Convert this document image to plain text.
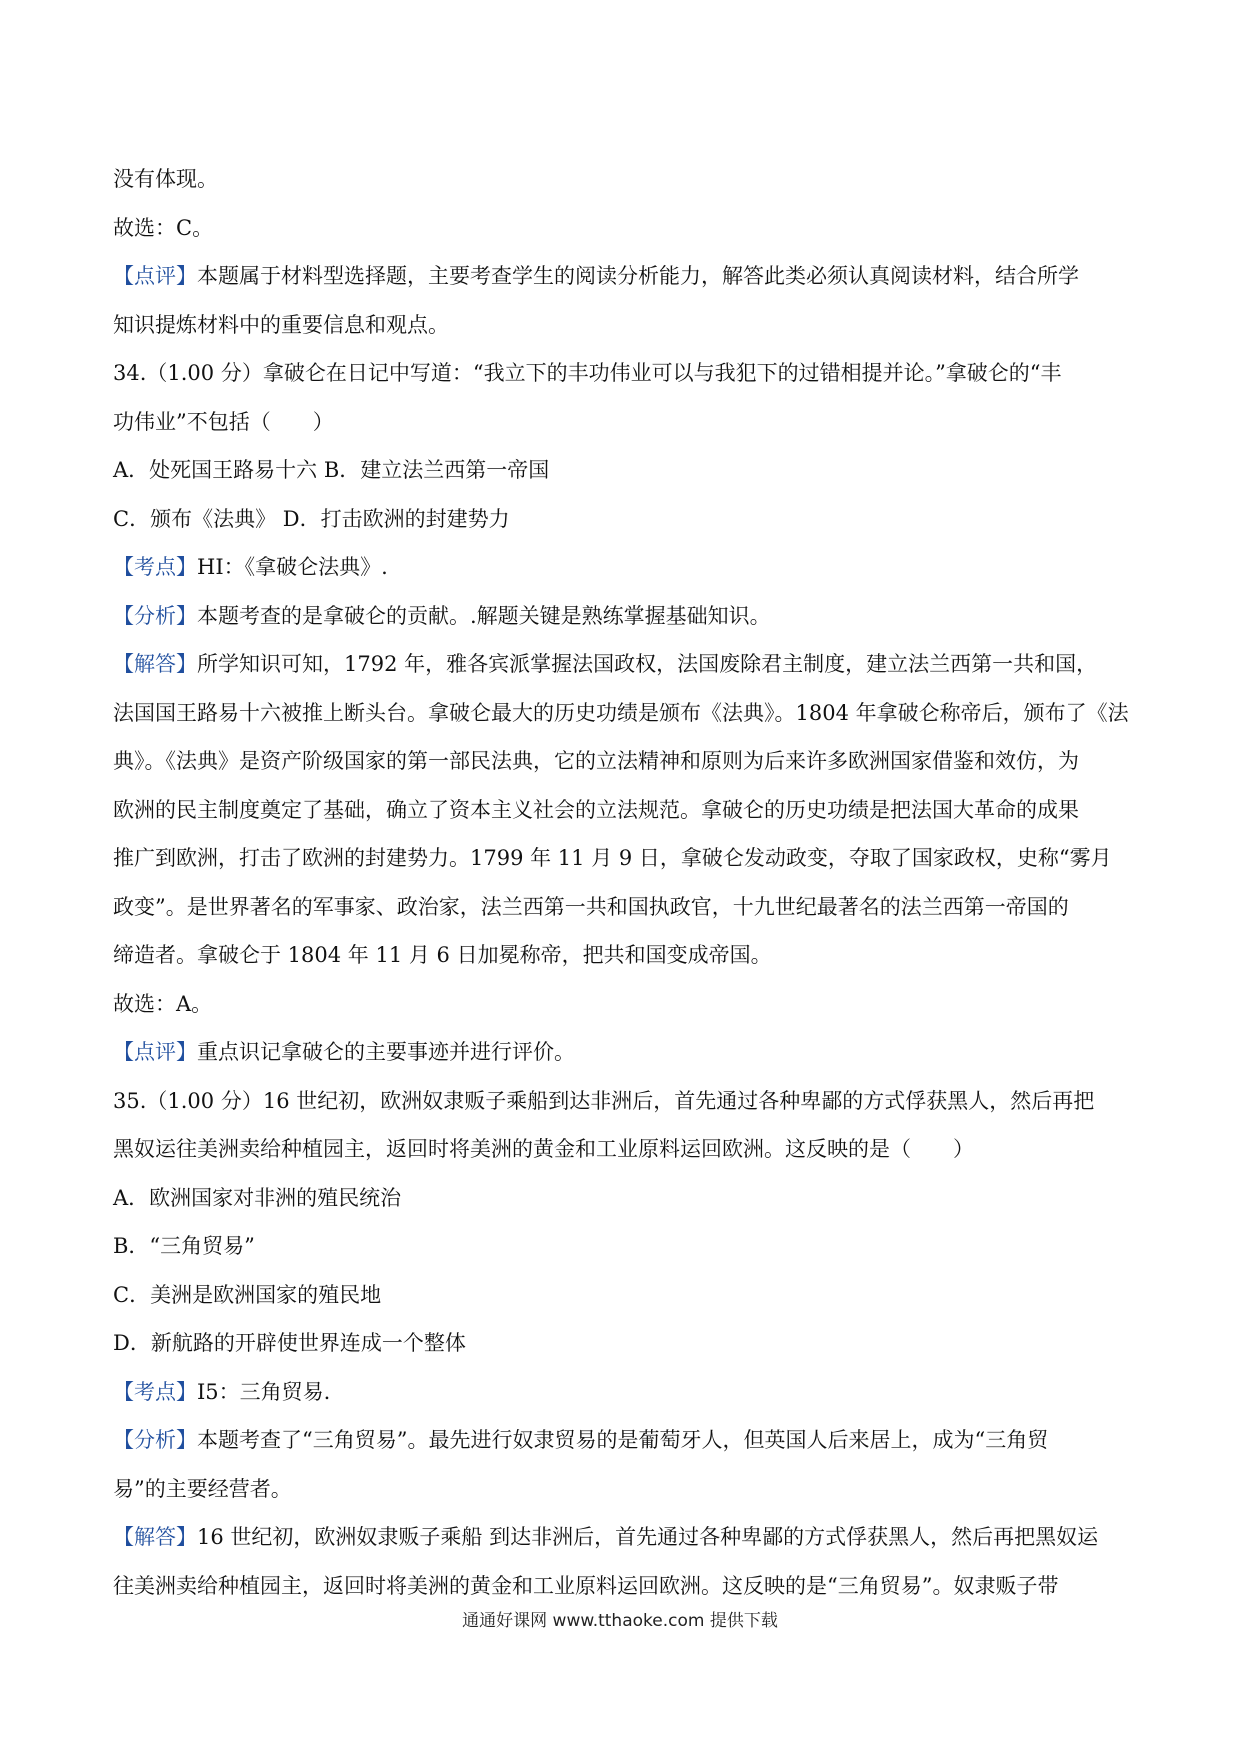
没有体现。

故选：C。

【点评】本题属于材料型选择题，主要考查学生的阅读分析能力，解答此类必须认真阅读材料，结合所学

知识提炼材料中的重要信息和观点。

34.（1.00 分）拿破仑在日记中写道：“我立下的丰功伟业可以与我犯下的过错相提并论。”拿破仑的“丰

功伟业”不包括（　　）

A．处死国王路易十六 B．建立法兰西第一帝国

C．颁布《法典》 D．打击欧洲的封建势力

【考点】HI：《拿破仑法典》.

【分析】本题考查的是拿破仑的贡献。.解题关键是熟练掌握基础知识。

【解答】所学知识可知，1792 年，雅各宾派掌握法国政权，法国废除君主制度，建立法兰西第一共和国，

法国国王路易十六被推上断头台。拿破仑最大的历史功绩是颁布《法典》。1804 年拿破仑称帝后，颁布了《法

典》。《法典》是资产阶级国家的第一部民法典，它的立法精神和原则为后来许多欧洲国家借鉴和效仿，为

欧洲的民主制度奠定了基础，确立了资本主义社会的立法规范。拿破仑的历史功绩是把法国大革命的成果

推广到欧洲，打击了欧洲的封建势力。1799 年 11 月 9 日，拿破仑发动政变，夺取了国家政权，史称“雾月

政变”。是世界著名的军事家、政治家，法兰西第一共和国执政官，十九世纪最著名的法兰西第一帝国的

缔造者。拿破仑于 1804 年 11 月 6 日加冕称帝，把共和国变成帝国。

故选：A。

【点评】重点识记拿破仑的主要事迹并进行评价。

35.（1.00 分）16 世纪初，欧洲奴隶贩子乘船到达非洲后，首先通过各种卑鄙的方式俘获黑人，然后再把

黑奴运往美洲卖给种植园主，返回时将美洲的黄金和工业原料运回欧洲。这反映的是（　　）

A．欧洲国家对非洲的殖民统治

B．“三角贸易”

C．美洲是欧洲国家的殖民地

D．新航路的开辟使世界连成一个整体

【考点】I5：三角贸易.

【分析】本题考查了“三角贸易”。最先进行奴隶贸易的是葡萄牙人，但英国人后来居上，成为“三角贸

易”的主要经营者。

【解答】16 世纪初，欧洲奴隶贩子乘船 到达非洲后，首先通过各种卑鄙的方式俘获黑人，然后再把黑奴运

往美洲卖给种植园主，返回时将美洲的黄金和工业原料运回欧洲。这反映的是“三角贸易”。奴隶贩子带

通通好课网 www.tthaoke.com 提供下载
